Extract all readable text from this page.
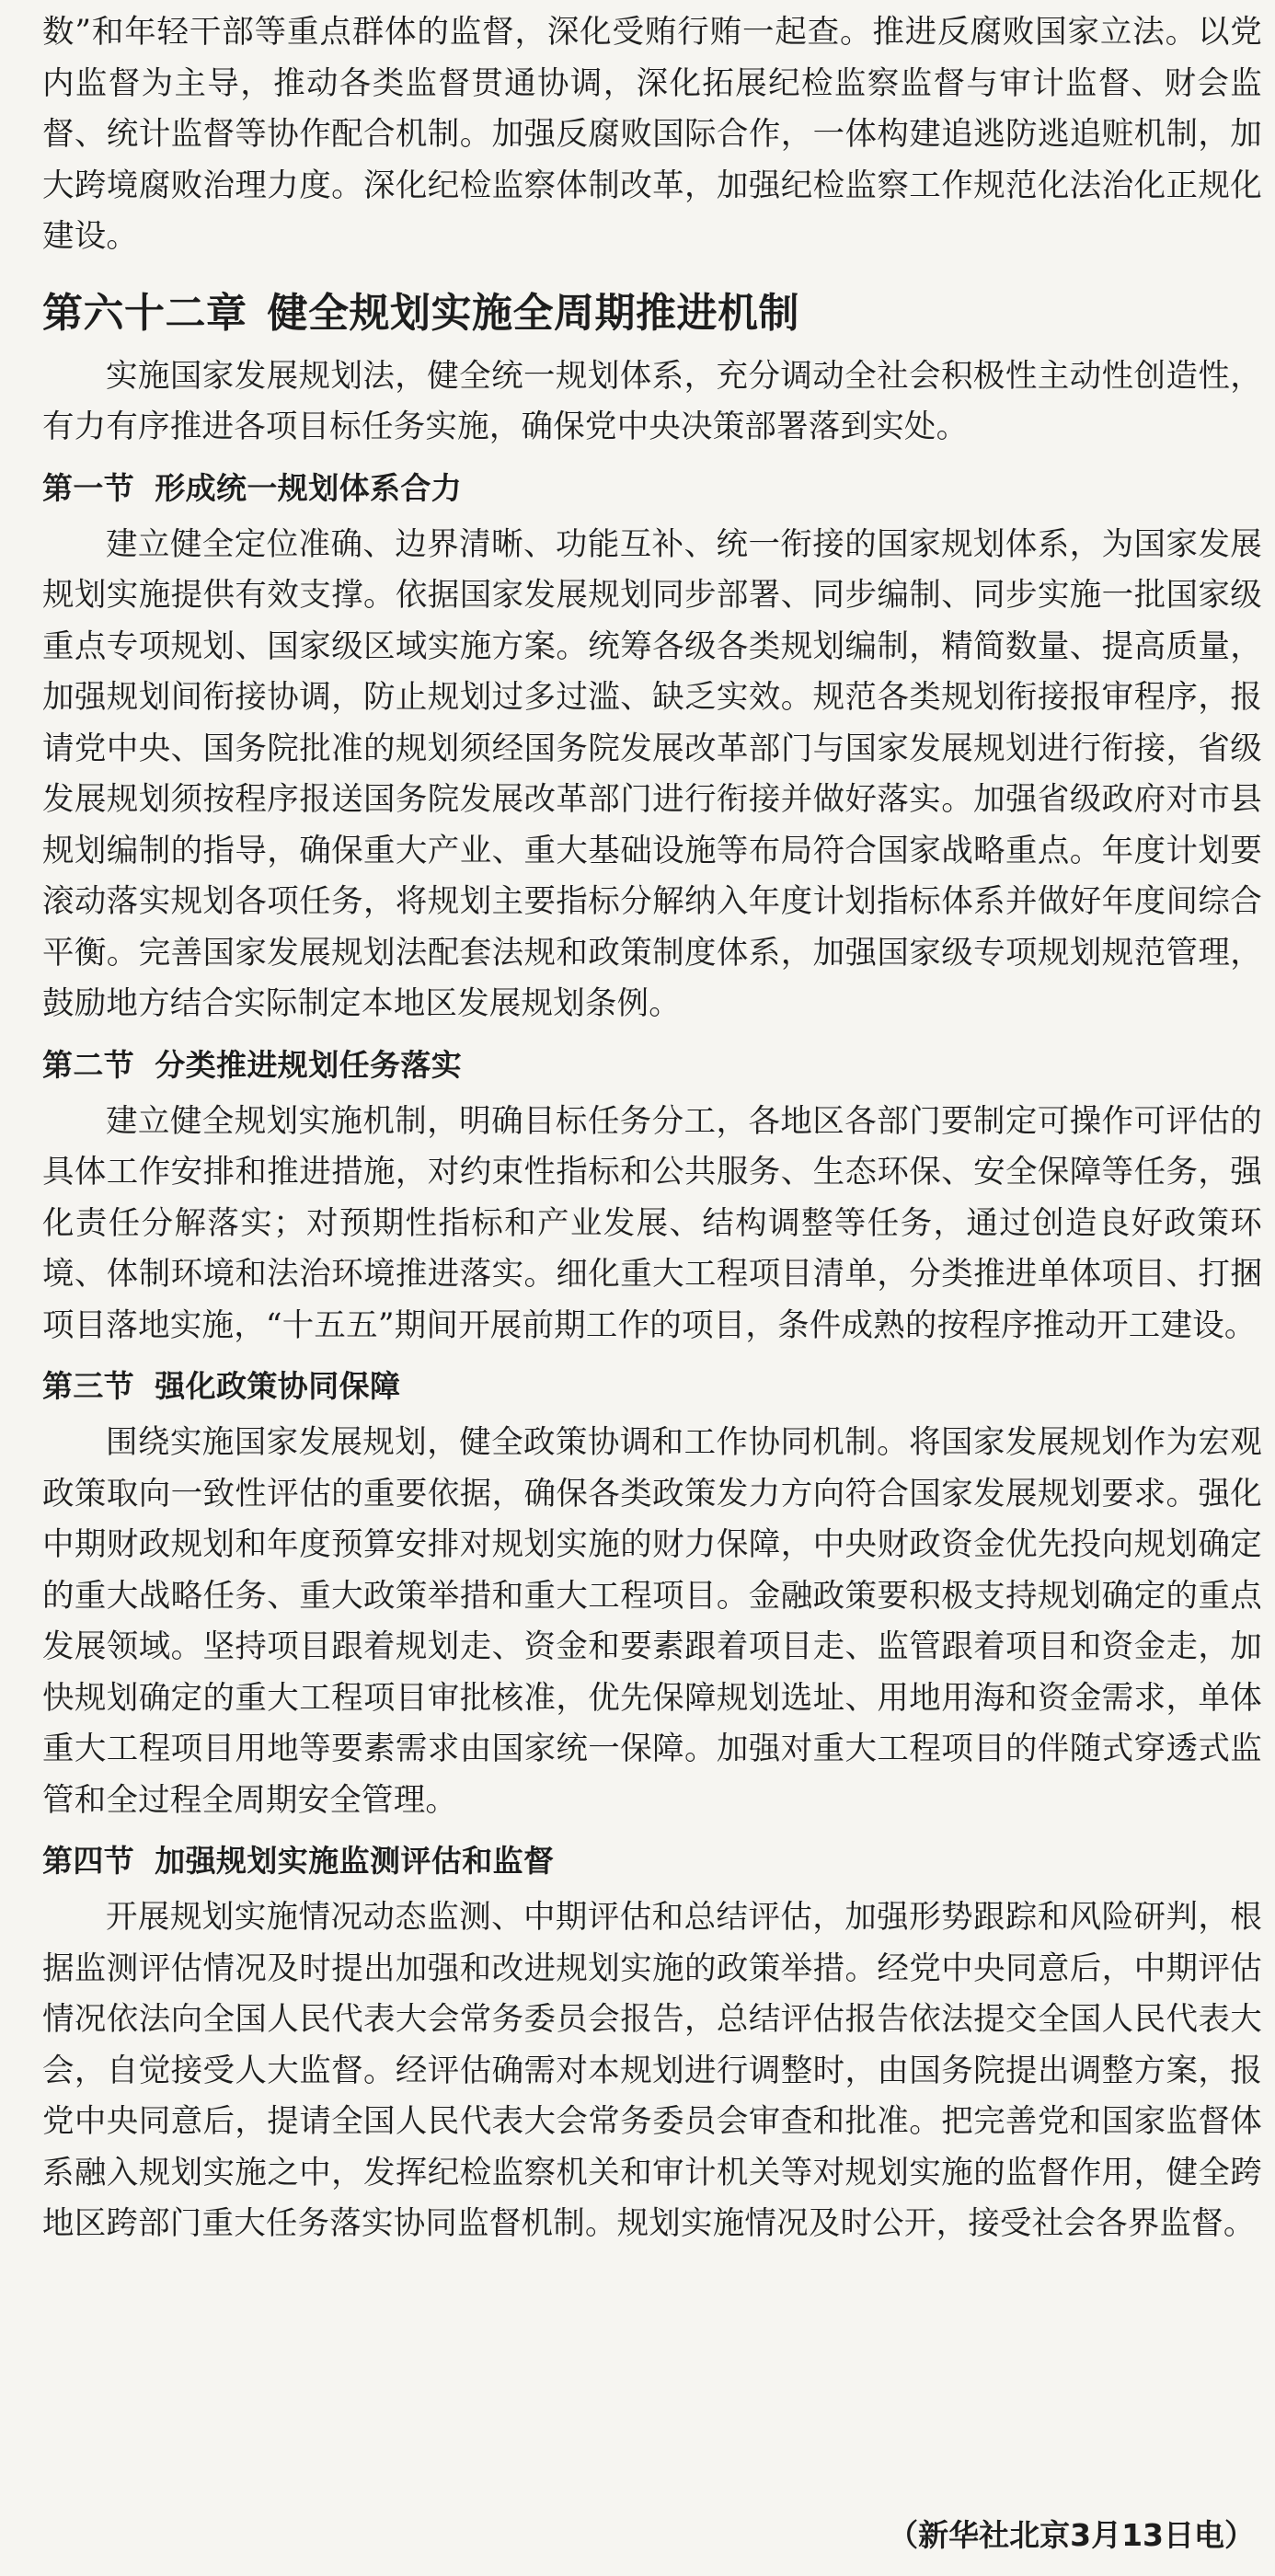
数”和年轻干部等重点群体的监督，深化受贿行贿一起查。推进反腐败国家立法。以党内监督为主导，推动各类监督贯通协调，深化拓展纪检监察监督与审计监督、财会监督、统计监督等协作配合机制。加强反腐败国际合作，一体构建追逃防逃追赃机制，加大跨境腐败治理力度。深化纪检监察体制改革，加强纪检监察工作规范化法治化正规化建设。

第六十二章 健全规划实施全周期推进机制

实施国家发展规划法，健全统一规划体系，充分调动全社会积极性主动性创造性，有力有序推进各项目标任务实施，确保党中央决策部署落到实处。

第一节 形成统一规划体系合力

建立健全定位准确、边界清晰、功能互补、统一衔接的国家规划体系，为国家发展规划实施提供有效支撑。依据国家发展规划同步部署、同步编制、同步实施一批国家级重点专项规划、国家级区域实施方案。统筹各级各类规划编制，精简数量、提高质量，加强规划间衔接协调，防止规划过多过滥、缺乏实效。规范各类规划衔接报审程序，报请党中央、国务院批准的规划须经国务院发展改革部门与国家发展规划进行衔接，省级发展规划须按程序报送国务院发展改革部门进行衔接并做好落实。加强省级政府对市县规划编制的指导，确保重大产业、重大基础设施等布局符合国家战略重点。年度计划要滚动落实规划各项任务，将规划主要指标分解纳入年度计划指标体系并做好年度间综合平衡。完善国家发展规划法配套法规和政策制度体系，加强国家级专项规划规范管理，鼓励地方结合实际制定本地区发展规划条例。

第二节 分类推进规划任务落实

建立健全规划实施机制，明确目标任务分工，各地区各部门要制定可操作可评估的具体工作安排和推进措施，对约束性指标和公共服务、生态环保、安全保障等任务，强化责任分解落实；对预期性指标和产业发展、结构调整等任务，通过创造良好政策环境、体制环境和法治环境推进落实。细化重大工程项目清单，分类推进单体项目、打捆项目落地实施，“十五五”期间开展前期工作的项目，条件成熟的按程序推动开工建设。

第三节 强化政策协同保障

围绕实施国家发展规划，健全政策协调和工作协同机制。将国家发展规划作为宏观政策取向一致性评估的重要依据，确保各类政策发力方向符合国家发展规划要求。强化中期财政规划和年度预算安排对规划实施的财力保障，中央财政资金优先投向规划确定的重大战略任务、重大政策举措和重大工程项目。金融政策要积极支持规划确定的重点发展领域。坚持项目跟着规划走、资金和要素跟着项目走、监管跟着项目和资金走，加快规划确定的重大工程项目审批核准，优先保障规划选址、用地用海和资金需求，单体重大工程项目用地等要素需求由国家统一保障。加强对重大工程项目的伴随式穿透式监管和全过程全周期安全管理。

第四节 加强规划实施监测评估和监督

开展规划实施情况动态监测、中期评估和总结评估，加强形势跟踪和风险研判，根据监测评估情况及时提出加强和改进规划实施的政策举措。经党中央同意后，中期评估情况依法向全国人民代表大会常务委员会报告，总结评估报告依法提交全国人民代表大会，自觉接受人大监督。经评估确需对本规划进行调整时，由国务院提出调整方案，报党中央同意后，提请全国人民代表大会常务委员会审查和批准。把完善党和国家监督体系融入规划实施之中，发挥纪检监察机关和审计机关等对规划实施的监督作用，健全跨地区跨部门重大任务落实协同监督机制。规划实施情况及时公开，接受社会各界监督。

（新华社北京3月13日电）
